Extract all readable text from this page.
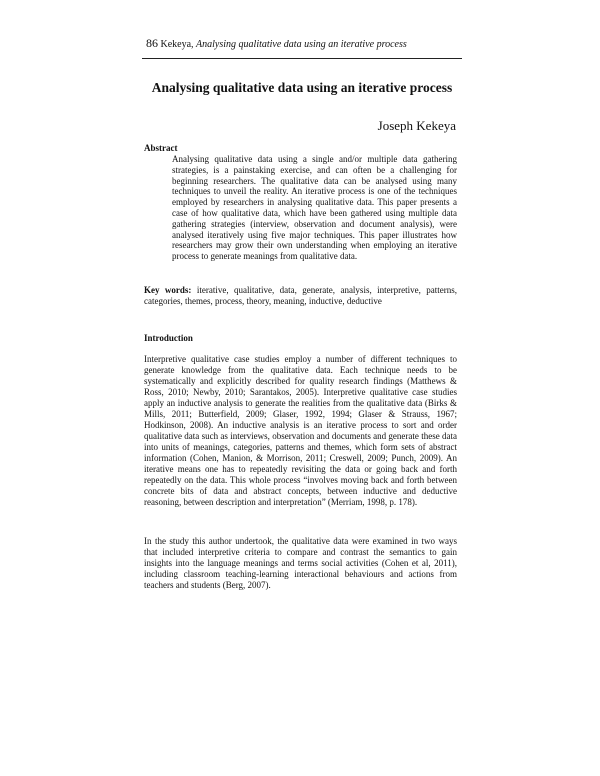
86 Kekeya, Analysing qualitative data using an iterative process
Analysing qualitative data using an iterative process
Joseph Kekeya
Abstract

Analysing qualitative data using a single and/or multiple data gathering strategies, is a painstaking exercise, and can often be a challenging for beginning researchers. The qualitative data can be analysed using many techniques to unveil the reality. An iterative process is one of the techniques employed by researchers in analysing qualitative data. This paper presents a case of how qualitative data, which have been gathered using multiple data gathering strategies (interview, observation and document analysis), were analysed iteratively using five major techniques. This paper illustrates how researchers may grow their own understanding when employing an iterative process to generate meanings from qualitative data.

Key words: iterative, qualitative, data, generate, analysis, interpretive, patterns, categories, themes, process, theory, meaning, inductive, deductive

Introduction

Interpretive qualitative case studies employ a number of different techniques to generate knowledge from the qualitative data. Each technique needs to be systematically and explicitly described for quality research findings (Matthews & Ross, 2010; Newby, 2010; Sarantakos, 2005). Interpretive qualitative case studies apply an inductive analysis to generate the realities from the qualitative data (Birks & Mills, 2011; Butterfield, 2009; Glaser, 1992, 1994; Glaser & Strauss, 1967; Hodkinson, 2008). An inductive analysis is an iterative process to sort and order qualitative data such as interviews, observation and documents and generate these data into units of meanings, categories, patterns and themes, which form sets of abstract information (Cohen, Manion, & Morrison, 2011; Creswell, 2009; Punch, 2009). An iterative means one has to repeatedly revisiting the data or going back and forth repeatedly on the data. This whole process “involves moving back and forth between concrete bits of data and abstract concepts, between inductive and deductive reasoning, between description and interpretation” (Merriam, 1998, p. 178).

In the study this author undertook, the qualitative data were examined in two ways that included interpretive criteria to compare and contrast the semantics to gain insights into the language meanings and terms social activities (Cohen et al, 2011), including classroom teaching-learning interactional behaviours and actions from teachers and students (Berg, 2007).
